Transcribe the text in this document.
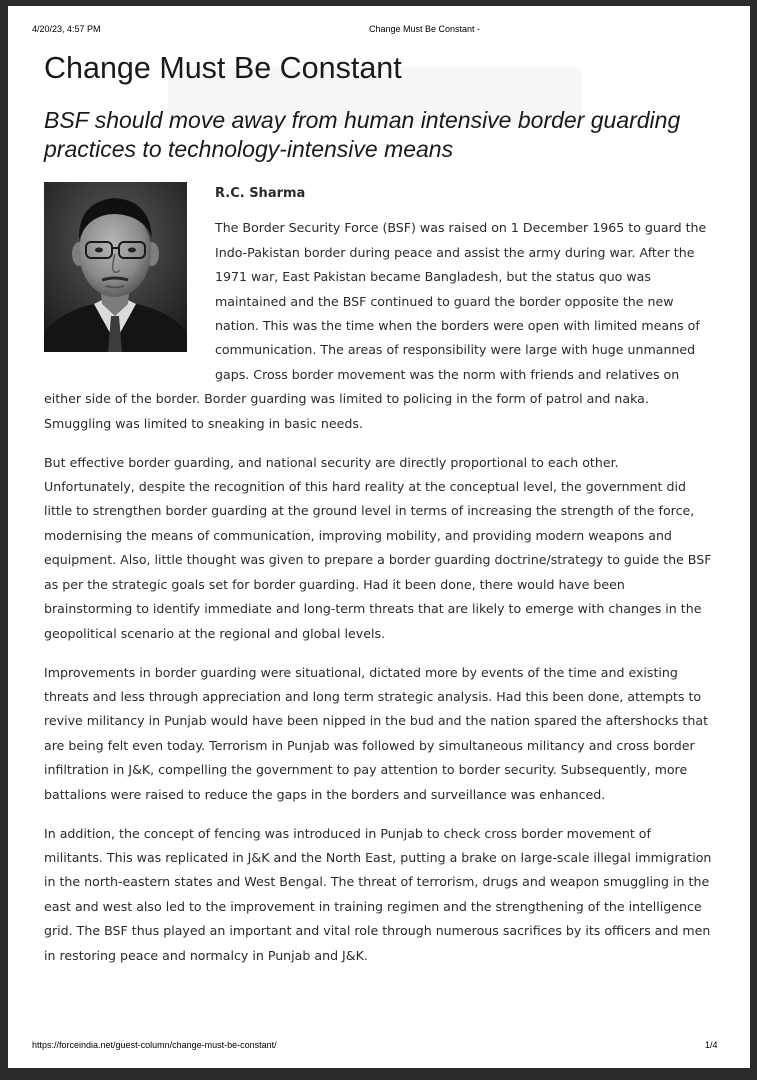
4/20/23, 4:57 PM	Change Must Be Constant -
Change Must Be Constant
BSF should move away from human intensive border guarding practices to technology-intensive means
R.C. Sharma

The Border Security Force (BSF) was raised on 1 December 1965 to guard the Indo-Pakistan border during peace and assist the army during war. After the 1971 war, East Pakistan became Bangladesh, but the status quo was maintained and the BSF continued to guard the border opposite the new nation. This was the time when the borders were open with limited means of communication. The areas of responsibility were large with huge unmanned gaps. Cross border movement was the norm with friends and relatives on either side of the border. Border guarding was limited to policing in the form of patrol and naka. Smuggling was limited to sneaking in basic needs.

But effective border guarding, and national security are directly proportional to each other. Unfortunately, despite the recognition of this hard reality at the conceptual level, the government did little to strengthen border guarding at the ground level in terms of increasing the strength of the force, modernising the means of communication, improving mobility, and providing modern weapons and equipment. Also, little thought was given to prepare a border guarding doctrine/strategy to guide the BSF as per the strategic goals set for border guarding. Had it been done, there would have been brainstorming to identify immediate and long-term threats that are likely to emerge with changes in the geopolitical scenario at the regional and global levels.

Improvements in border guarding were situational, dictated more by events of the time and existing threats and less through appreciation and long term strategic analysis. Had this been done, attempts to revive militancy in Punjab would have been nipped in the bud and the nation spared the aftershocks that are being felt even today. Terrorism in Punjab was followed by simultaneous militancy and cross border infiltration in J&K, compelling the government to pay attention to border security. Subsequently, more battalions were raised to reduce the gaps in the borders and surveillance was enhanced.

In addition, the concept of fencing was introduced in Punjab to check cross border movement of militants. This was replicated in J&K and the North East, putting a brake on large-scale illegal immigration in the north-eastern states and West Bengal. The threat of terrorism, drugs and weapon smuggling in the east and west also led to the improvement in training regimen and the strengthening of the intelligence grid. The BSF thus played an important and vital role through numerous sacrifices by its officers and men in restoring peace and normalcy in Punjab and J&K.

https://forceindia.net/guest-column/change-must-be-constant/	1/4
